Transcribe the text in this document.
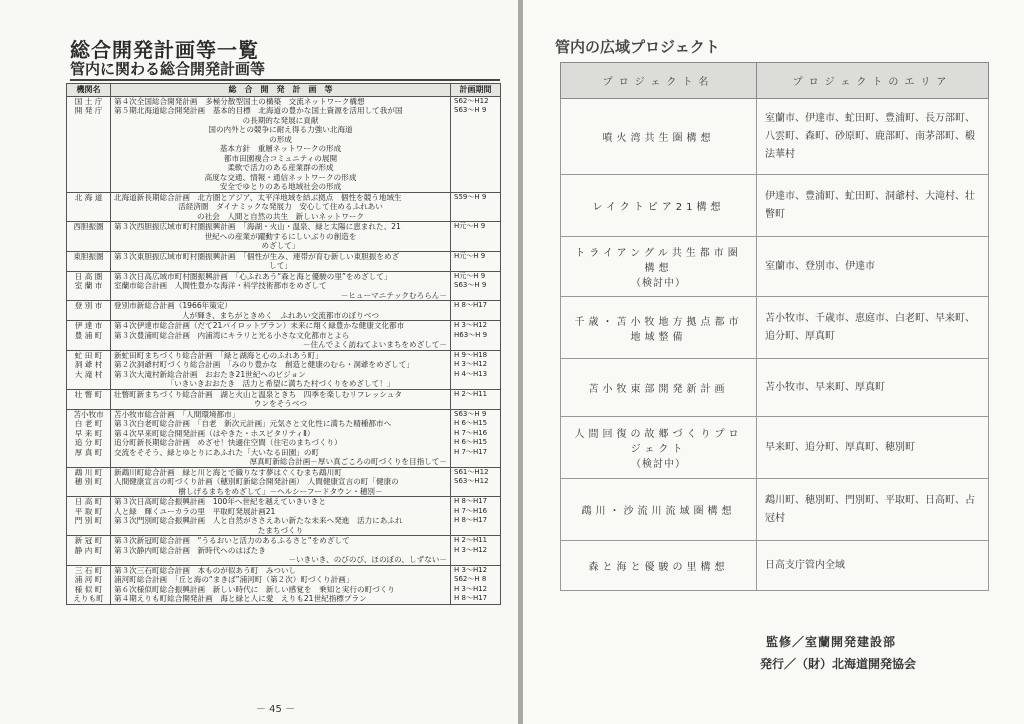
総合開発計画等一覧
管内に関わる総合開発計画等
機関名	総　合　開　発　計　画　等	計画期間
国 土 庁	第４次全国総合開発計画　多極分散型国土の構築　交流ネットワーク構想	S62～H12
開 発 庁	第５期北海道総合開発計画　基本的目標　北海道の豊かな国土資源を活用して我が国	S63～H 9
	の長期的な発展に貢献	
	国の内外との競争に耐え得る力強い北海道	
	の形成	
	基本方針　重層ネットワークの形成	
	都市田園複合コミュニティの展開	
	柔軟で活力のある産業群の形成	
	高度な交通、情報・通信ネットワークの形成	
	安全でゆとりのある地域社会の形成	
北 海 道	北海道新長期総合計画　北方圏とアジア、太平洋地域を結ぶ拠点　個性を競う地域生	S59～H 9
	活経済圏　ダイナミックな発展力　安心して住めるふれあい	
	の社会　人間と自然の共生　新しいネットワーク	
西胆振圏	第３次西胆振広域市町村圏振興計画　「海湖・火山・温泉、緑と太陽に恵まれた、21	H元～H 9
	世紀への産業が躍動するにしいぶりの創造を	
	めざして」	
東胆振圏	第３次東胆振広域市町村圏振興計画　「個性が生み、連帯が育む新しい東胆振をめざ	H元～H 9
	して」	
日 高 圏	第３次日高広域市町村圏振興計画　「心ふれあう“森と海と優駿の里”をめざして」	H元～H 9
室 蘭 市	室蘭市総合計画　人間性豊かな海洋・科学技術都市をめざして	S63～H 9
	－ヒューマニテックむろらん－	
登 別 市	登別市新総合計画（1966年策定）	H 8～H17
	人が輝き、まちがときめく　ふれあい交流都市のぼりべつ	
伊 達 市	第４次伊達市総合計画（だて21パイロットプラン）未来に翔く緑豊かな健康文化都市	H 3～H12
豊 浦 町	第３次豊浦町総合計画　内浦湾にキラリと光る小さな文化都市とよら	H63～H 9
	－住んでよく訪ねてよいまちをめざして－	
虻 田 町	新虻田町まちづくり総合計画　「緑と湖海と心のふれあう町」	H 9～H18
洞 爺 村	第２次洞爺村町づくり総合計画　「みのり豊かな　創造と健康のむら・洞爺をめざして」	H 3～H12
大 滝 村	第３次大滝村新総合計画　おおたき21世紀へのビジョン	H 4～H13
	「いきいきおおたき　活力と希望に満ちた村づくりをめざして！」	
壮 瞥 町	壮瞥町新まちづくり総合計画　湖と火山と温泉ときち　四季を楽しむリフレッシュタ	H 2～H11
	ウンをそうべつ	
苫小牧市	苫小牧市総合計画　「人間環境都市」	S63～H 9
白 老 町	第３次白老町総合計画　「自老　新次元計画」元気さと文化性に満ちた精種都市へ	H 6～H15
早 来 町	第４次早来町総合開発計画（はやきた・ホスピタリティⅡ）	H 7～H16
追 分 町	追分町新長期総合計画　めざせ！快適住空間（住宅のまちづくり）	H 6～H15
厚 真 町	交流をそそう、緑とゆとりにあふれた「大いなる田園」の町	H 7～H17
	厚真町新総合計画－厚い真ごころの町づくりを目指して－	
鵡 川 町	新鵡川町総合計画　緑と川と海とで織りなす夢はぐくむまち鵡川町	S61～H12
穂 別 町	人間健康宣言の町づくり計画（穂別町新総合開発計画）　人間健康宣言の町「健康の	S63～H12
	樹しげるまちをめざして」－ヘルシーフードタウン・穂別－	
日 高 町	第３次日高町総合振興計画　100年へ世紀を越えていきいきと	H 8～H17
平 取 町	人と緑　輝くユーカラの里　平取町発展計画21	H 7～H16
門 別 町	第３次門別町総合振興計画　人と自然がささえあい新たな未来へ発進　活力にあふれ	H 8～H17
	たまちづくり	
新 冠 町	第３次新冠町総合計画　“うるおいと活力のあるふるさと”をめざして	H 2～H11
静 内 町	第３次静内町総合計画　新時代へのはばたき	H 3～H12
	－いきいき、のびのび、ほのぼの、しずない－	
三 石 町	第３次三石町総合計画　本ものが似あう町　みついし	H 3～H12
浦 河 町	浦河町総合計画　「丘と海の“まきば”浦河町（第２次）町づくり計画」	S62～H 8
様 似 町	第６次様似町総合振興計画　新しい時代に　新しい感覚を　乗知と実行の町づくり	H 3～H12
えりも町	第４期えりも町総合開発計画　海と緑と人に愛　えりも21世紀指標プラン	H 8～H17
－ 45 －
管内の広域プロジェクト
プロジェクト名	プロジェクトのエリア
噴火湾共生圏構想	室蘭市、伊達市、虻田町、豊浦町、長万部町、八雲町、森町、砂原町、鹿部町、南茅部町、椴法華村
レイクトピア21構想	伊達市、豊浦町、虻田町、洞爺村、大滝村、壮瞥町
トライアングル共生都市圏構想
（検討中）	室蘭市、登別市、伊達市
千歳・苫小牧地方拠点都市地域整備	苫小牧市、千歳市、恵庭市、白老町、早来町、追分町、厚真町
苫小牧東部開発新計画	苫小牧市、早来町、厚真町
人間回復の故郷づくりプロジェクト
（検討中）	早来町、追分町、厚真町、穂別町
鵡川・沙流川流域圏構想	鵡川町、穂別町、門別町、平取町、日高町、占冠村
森と海と優駿の里構想	日高支庁管内全域
監修／室蘭開発建設部
発行／（財）北海道開発協会
